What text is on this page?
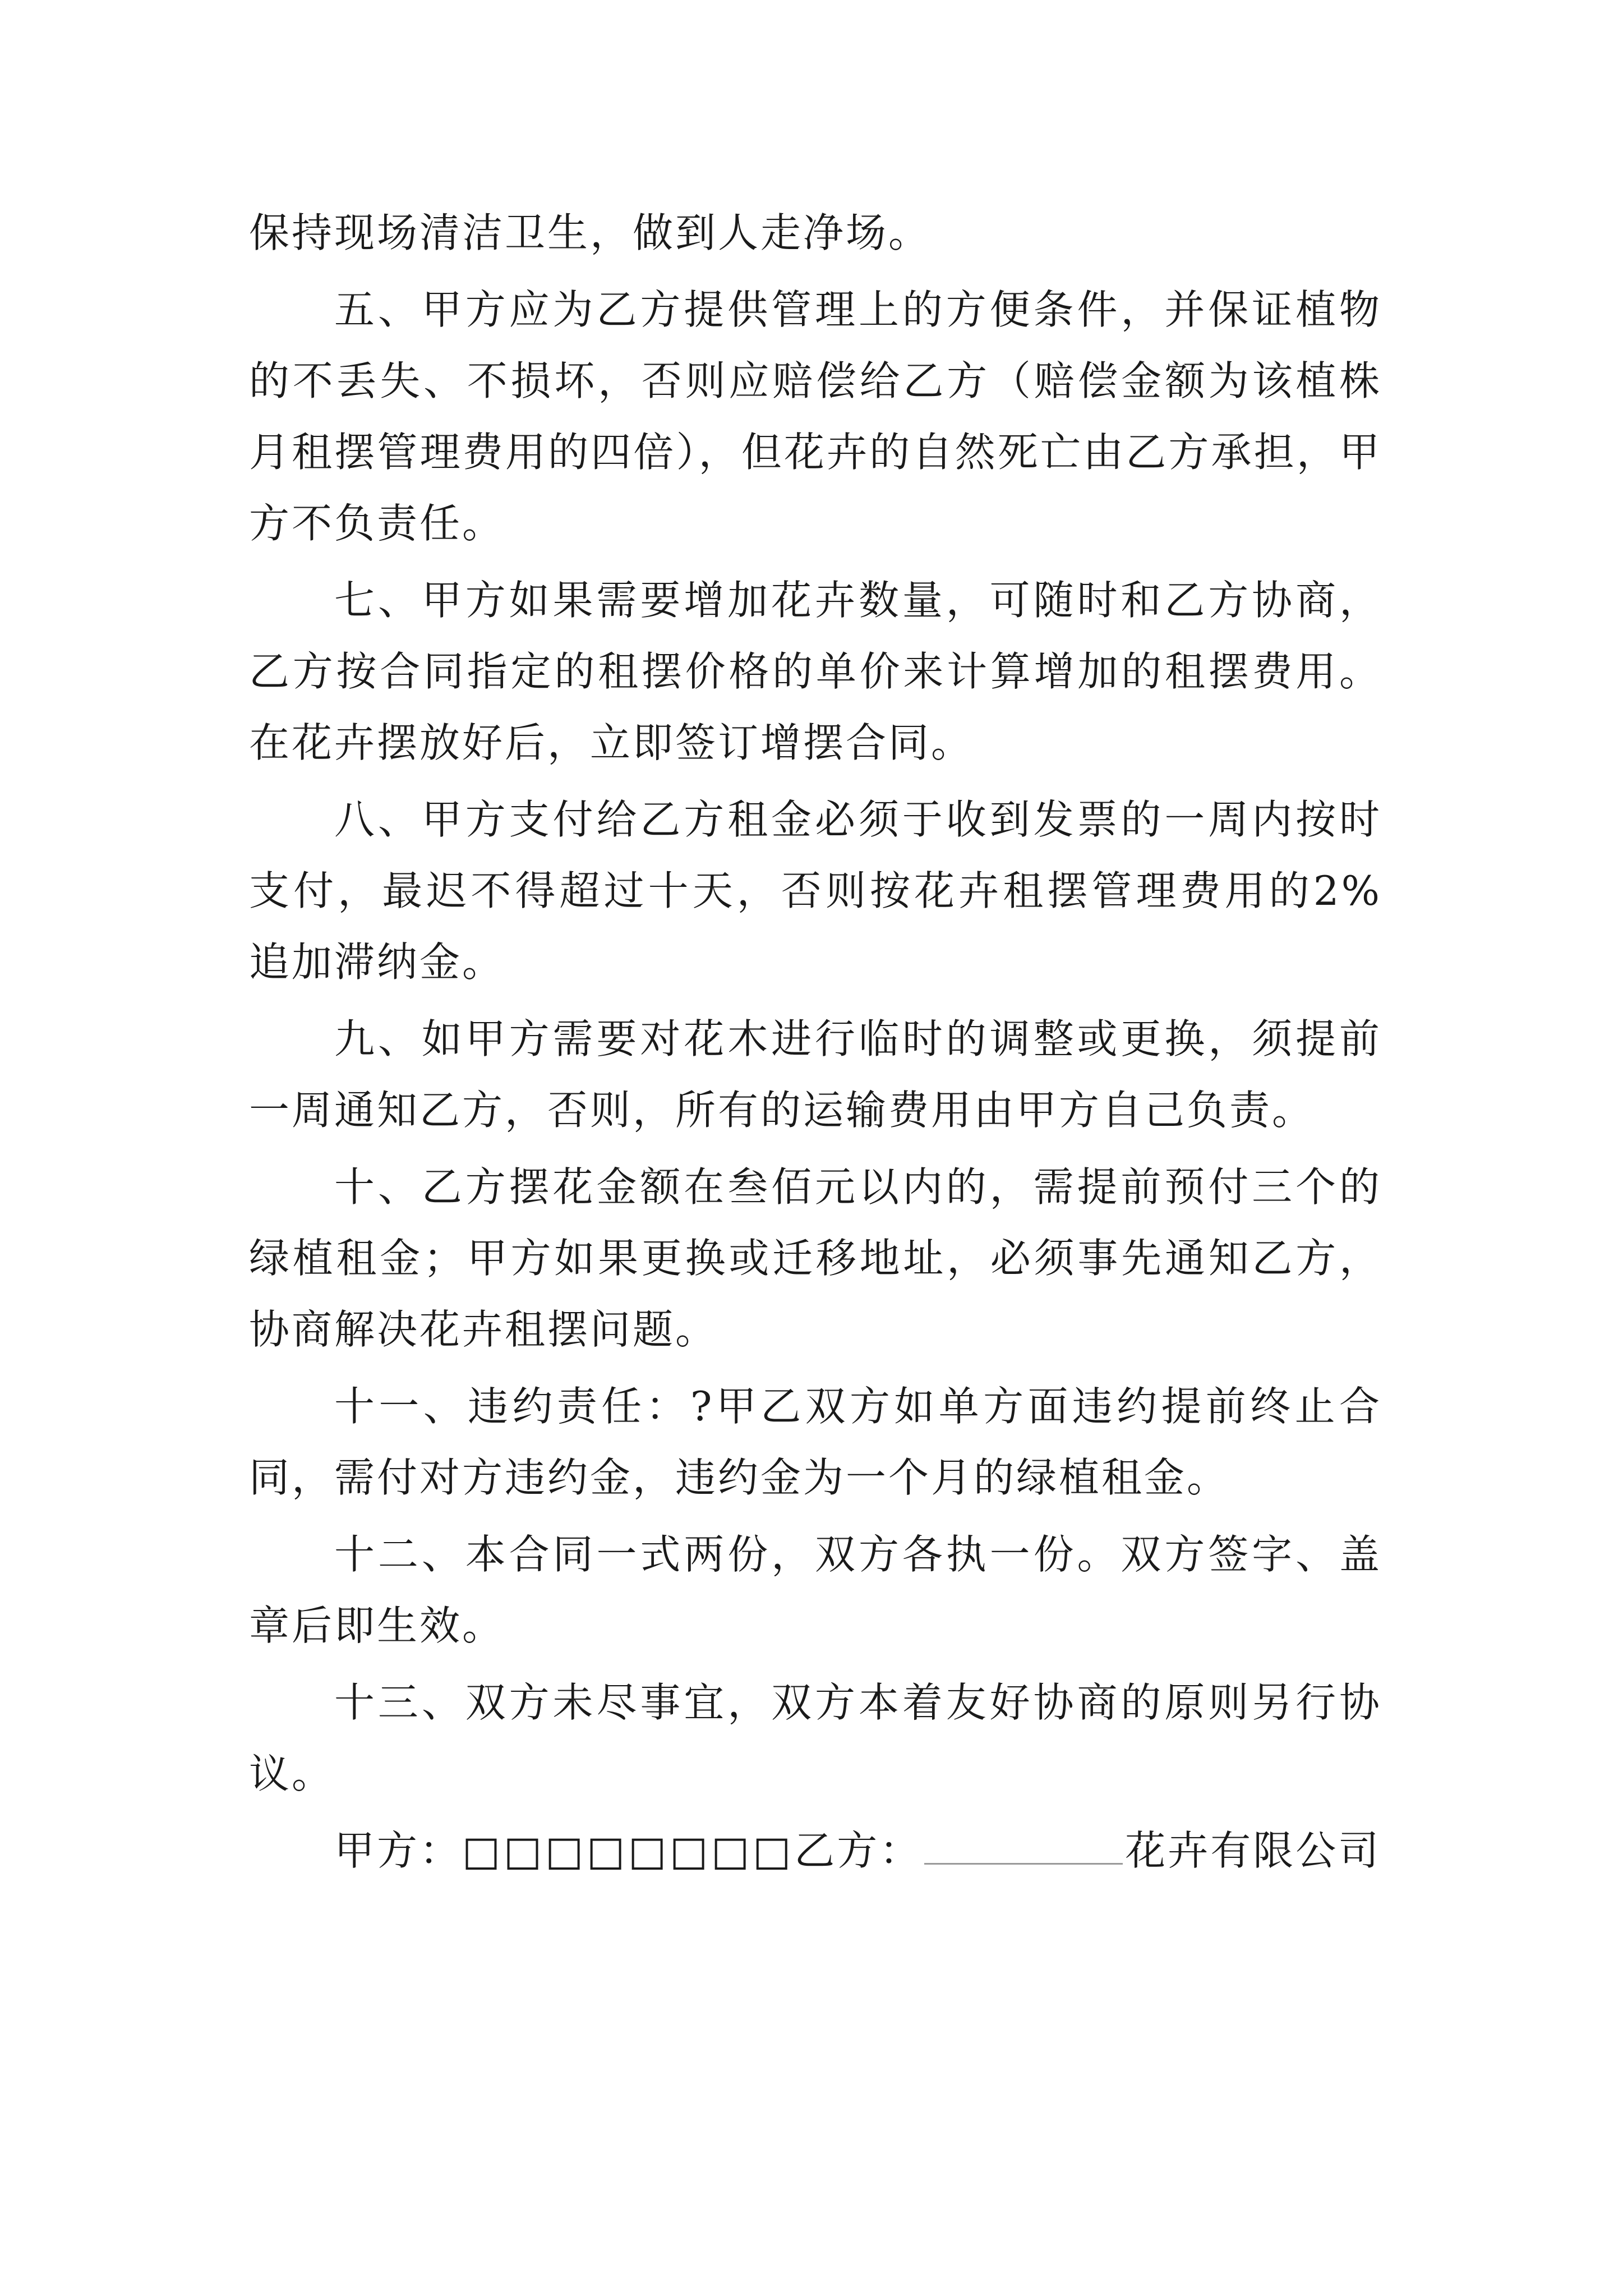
保持现场清洁卫生，做到人走净场。

五、甲方应为乙方提供管理上的方便条件，并保证植物的不丢失、不损坏，否则应赔偿给乙方（赔偿金额为该植株月租摆管理费用的四倍），但花卉的自然死亡由乙方承担，甲方不负责任。

七、甲方如果需要增加花卉数量，可随时和乙方协商，乙方按合同指定的租摆价格的单价来计算增加的租摆费用。在花卉摆放好后，立即签订增摆合同。

八、甲方支付给乙方租金必须于收到发票的一周内按时支付，最迟不得超过十天，否则按花卉租摆管理费用的2%追加滞纳金。

九、如甲方需要对花木进行临时的调整或更换，须提前一周通知乙方，否则，所有的运输费用由甲方自己负责。

十、乙方摆花金额在叁佰元以内的，需提前预付三个的绿植租金；甲方如果更换或迁移地址，必须事先通知乙方，协商解决花卉租摆问题。

十一、违约责任：?甲乙双方如单方面违约提前终止合同，需付对方违约金，违约金为一个月的绿植租金。

十二、本合同一式两份，双方各执一份。双方签字、盖章后即生效。

十三、双方未尽事宜，双方本着友好协商的原则另行协议。

甲方：□□□□□□□□乙方：	花卉有限公司
